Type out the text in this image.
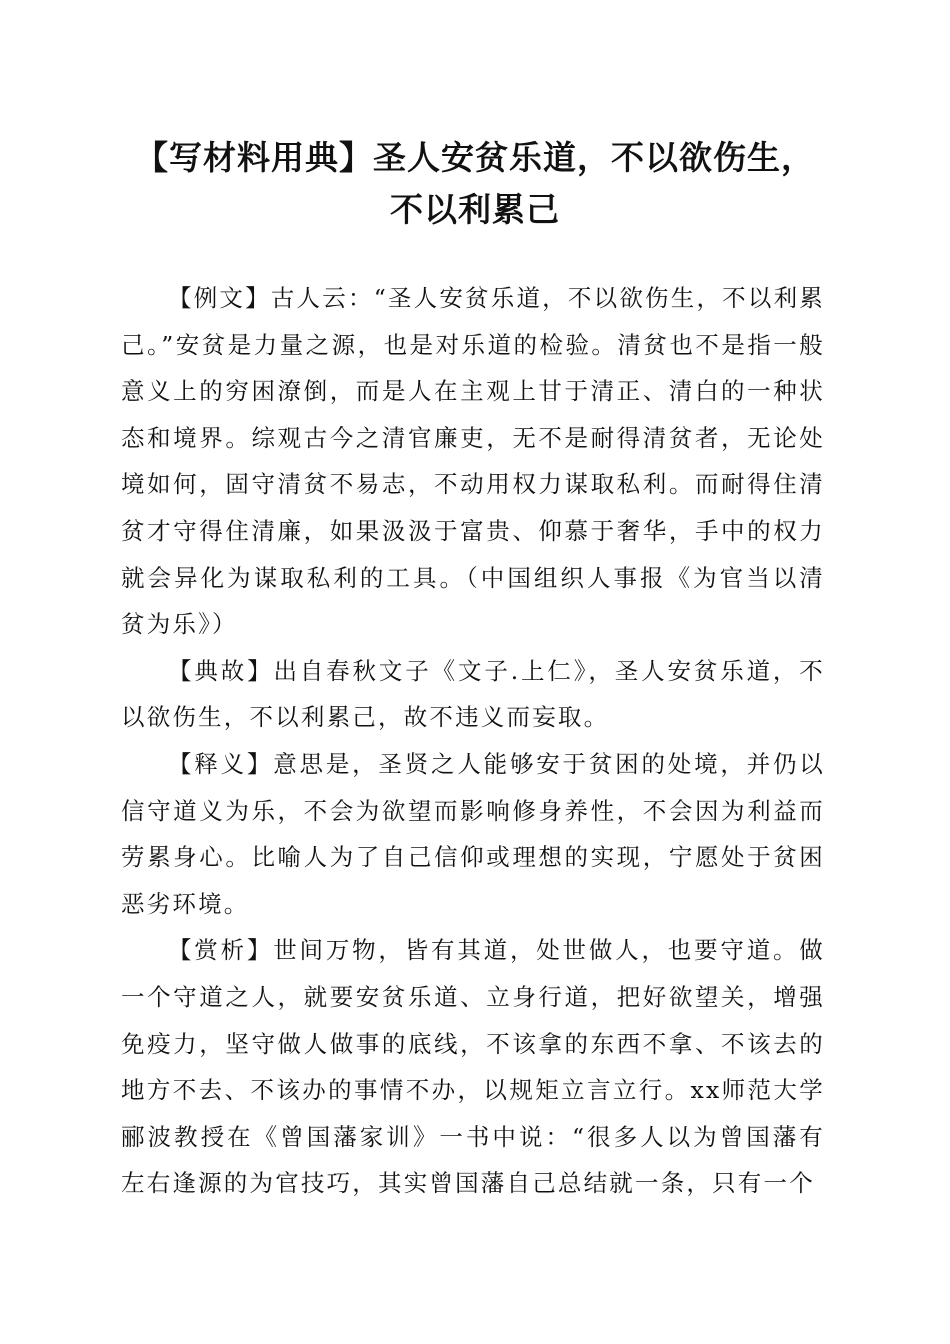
【写材料用典】圣人安贫乐道，不以欲伤生，
不以利累己

【例文】古人云：“圣人安贫乐道，不以欲伤生，不以利累己。”安贫是力量之源，也是对乐道的检验。清贫也不是指一般意义上的穷困潦倒，而是人在主观上甘于清正、清白的一种状态和境界。综观古今之清官廉吏，无不是耐得清贫者，无论处境如何，固守清贫不易志，不动用权力谋取私利。而耐得住清贫才守得住清廉，如果汲汲于富贵、仰慕于奢华，手中的权力就会异化为谋取私利的工具。（中国组织人事报《为官当以清贫为乐》）

【典故】出自春秋文子《文子.上仁》，圣人安贫乐道，不以欲伤生，不以利累己，故不违义而妄取。

【释义】意思是，圣贤之人能够安于贫困的处境，并仍以信守道义为乐，不会为欲望而影响修身养性，不会因为利益而劳累身心。比喻人为了自己信仰或理想的实现，宁愿处于贫困恶劣环境。

【赏析】世间万物，皆有其道，处世做人，也要守道。做一个守道之人，就要安贫乐道、立身行道，把好欲望关，增强免疫力，坚守做人做事的底线，不该拿的东西不拿、不该去的地方不去、不该办的事情不办，以规矩立言立行。xx师范大学郦波教授在《曾国藩家训》一书中说：“很多人以为曾国藩有左右逢源的为官技巧，其实曾国藩自己总结就一条，只有一个
